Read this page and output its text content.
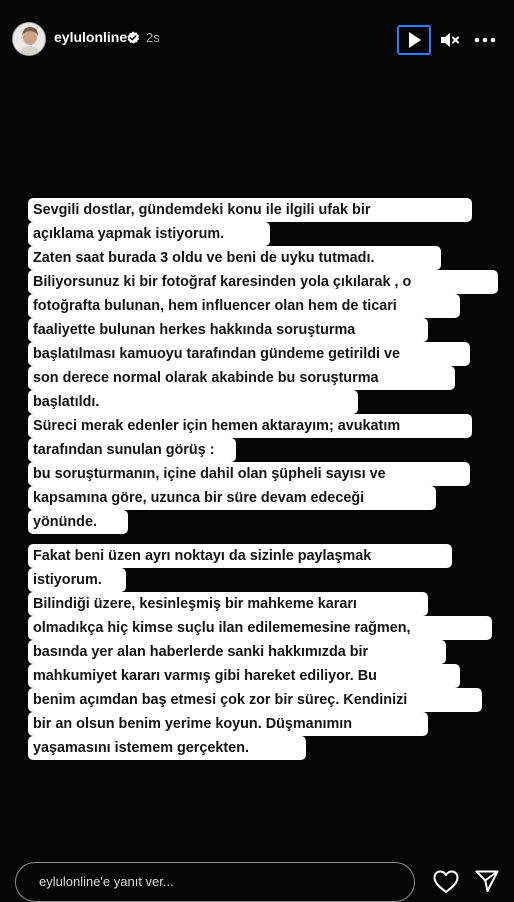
eylulonline 2s
Sevgili dostlar, gündemdeki konu ile ilgili ufak bir
açıklama yapmak istiyorum.
Zaten saat burada 3 oldu ve beni de uyku tutmadı.
Biliyorsunuz ki bir fotoğraf karesinden yola çıkılarak , o
fotoğrafta bulunan, hem influencer olan hem de ticari
faaliyette bulunan herkes hakkında soruşturma
başlatılması kamuoyu tarafından gündeme getirildi ve
son derece normal olarak akabinde bu soruşturma
başlatıldı.
Süreci merak edenler için hemen aktarayım; avukatım
tarafından sunulan görüş :
bu soruşturmanın, içine dahil olan şüpheli sayısı ve
kapsamına göre, uzunca bir süre devam edeceği
yönünde.
Fakat beni üzen ayrı noktayı da sizinle paylaşmak
istiyorum.
Bilindiği üzere, kesinleşmiş bir mahkeme kararı
olmadıkça hiç kimse suçlu ilan edilememesine rağmen,
basında yer alan haberlerde sanki hakkımızda bir
mahkumiyet kararı varmış gibi hareket ediliyor. Bu
benim açımdan baş etmesi çok zor bir süreç. Kendinizi
bir an olsun benim yerime koyun. Düşmanımın
yaşamasını istemem gerçekten.
eylulonline'e yanıt ver...
